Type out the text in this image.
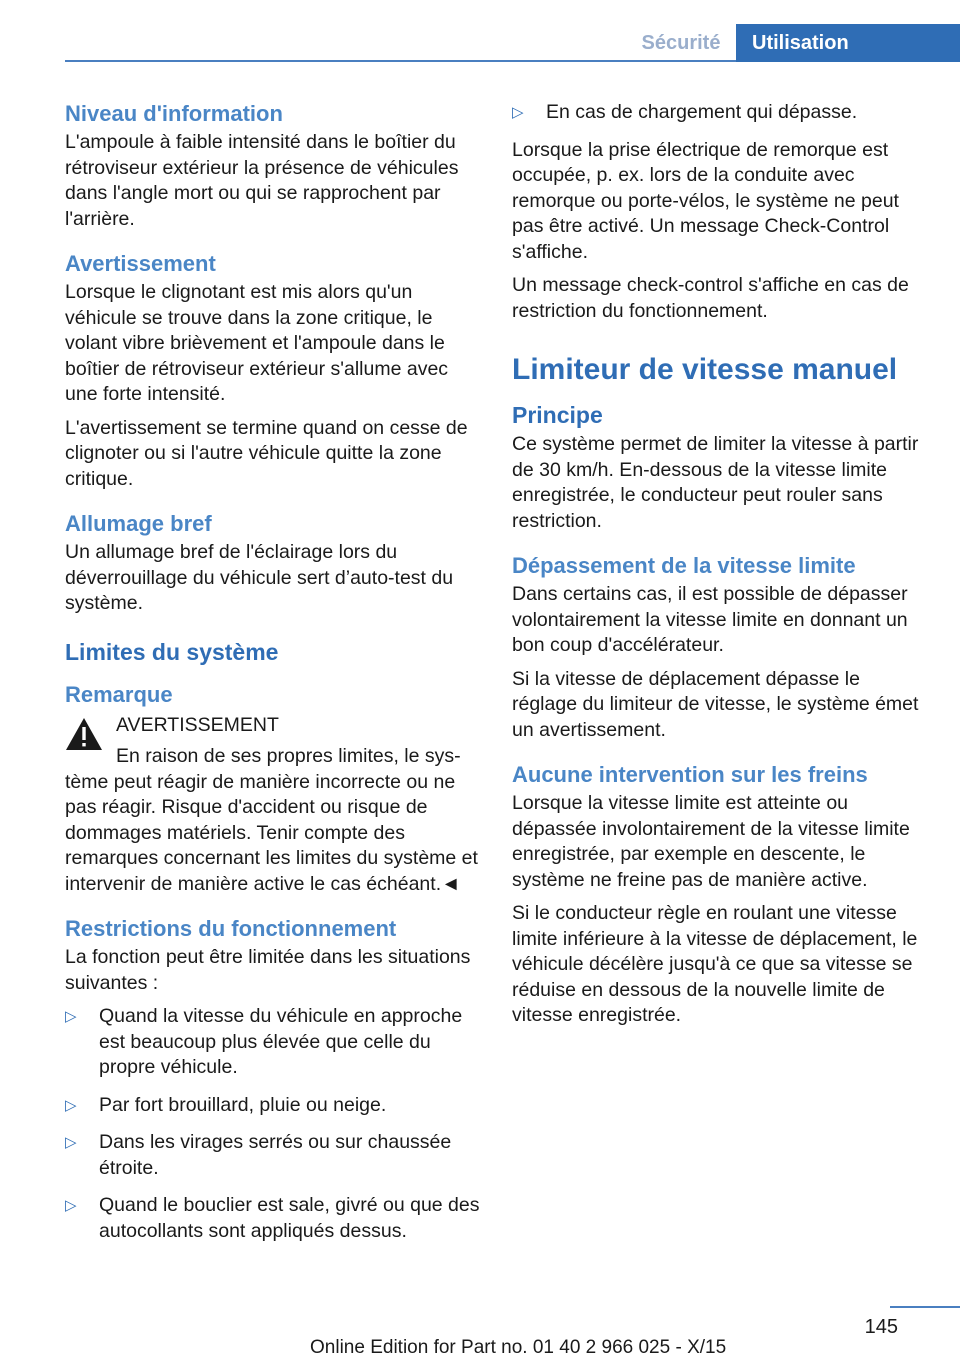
Sécurité	Utilisation
Niveau d'information

L'ampoule à faible intensité dans le boîtier du rétroviseur extérieur la présence de véhicules dans l'angle mort ou qui se rapprochent par l'arrière.

Avertissement

Lorsque le clignotant est mis alors qu'un véhicule se trouve dans la zone critique, le volant vibre brièvement et l'ampoule dans le boîtier de rétroviseur extérieur s'allume avec une forte intensité.

L'avertissement se termine quand on cesse de clignoter ou si l'autre véhicule quitte la zone critique.

Allumage bref

Un allumage bref de l'éclairage lors du déverrouillage du véhicule sert d’auto-test du système.

Limites du système
Remarque
AVERTISSEMENT
En raison de ses propres limites, le sys-
tème peut réagir de manière incorrecte ou ne pas réagir. Risque d'accident ou risque de dommages matériels. Tenir compte des remarques concernant les limites du système et intervenir de manière active le cas échéant.◄
Restrictions du fonctionnement

La fonction peut être limitée dans les situations suivantes :

▷ Quand la vitesse du véhicule en approche est beaucoup plus élevée que celle du propre véhicule.
▷ Par fort brouillard, pluie ou neige.
▷ Dans les virages serrés ou sur chaussée étroite.
▷ Quand le bouclier est sale, givré ou que des autocollants sont appliqués dessus.
▷ En cas de chargement qui dépasse.

Lorsque la prise électrique de remorque est occupée, p. ex. lors de la conduite avec remorque ou porte-vélos, le système ne peut pas être activé. Un message Check-Control s'affiche.

Un message check-control s'affiche en cas de restriction du fonctionnement.

Limiteur de vitesse manuel
Principe

Ce système permet de limiter la vitesse à partir de 30 km/h. En-dessous de la vitesse limite enregistrée, le conducteur peut rouler sans restriction.

Dépassement de la vitesse limite

Dans certains cas, il est possible de dépasser volontairement la vitesse limite en donnant un bon coup d'accélérateur.

Si la vitesse de déplacement dépasse le réglage du limiteur de vitesse, le système émet un avertissement.

Aucune intervention sur les freins

Lorsque la vitesse limite est atteinte ou dépassée involontairement de la vitesse limite enregistrée, par exemple en descente, le système ne freine pas de manière active.

Si le conducteur règle en roulant une vitesse limite inférieure à la vitesse de déplacement, le véhicule décélère jusqu'à ce que sa vitesse se réduise en dessous de la nouvelle limite de vitesse enregistrée.

145
Online Edition for Part no. 01 40 2 966 025 - X/15
